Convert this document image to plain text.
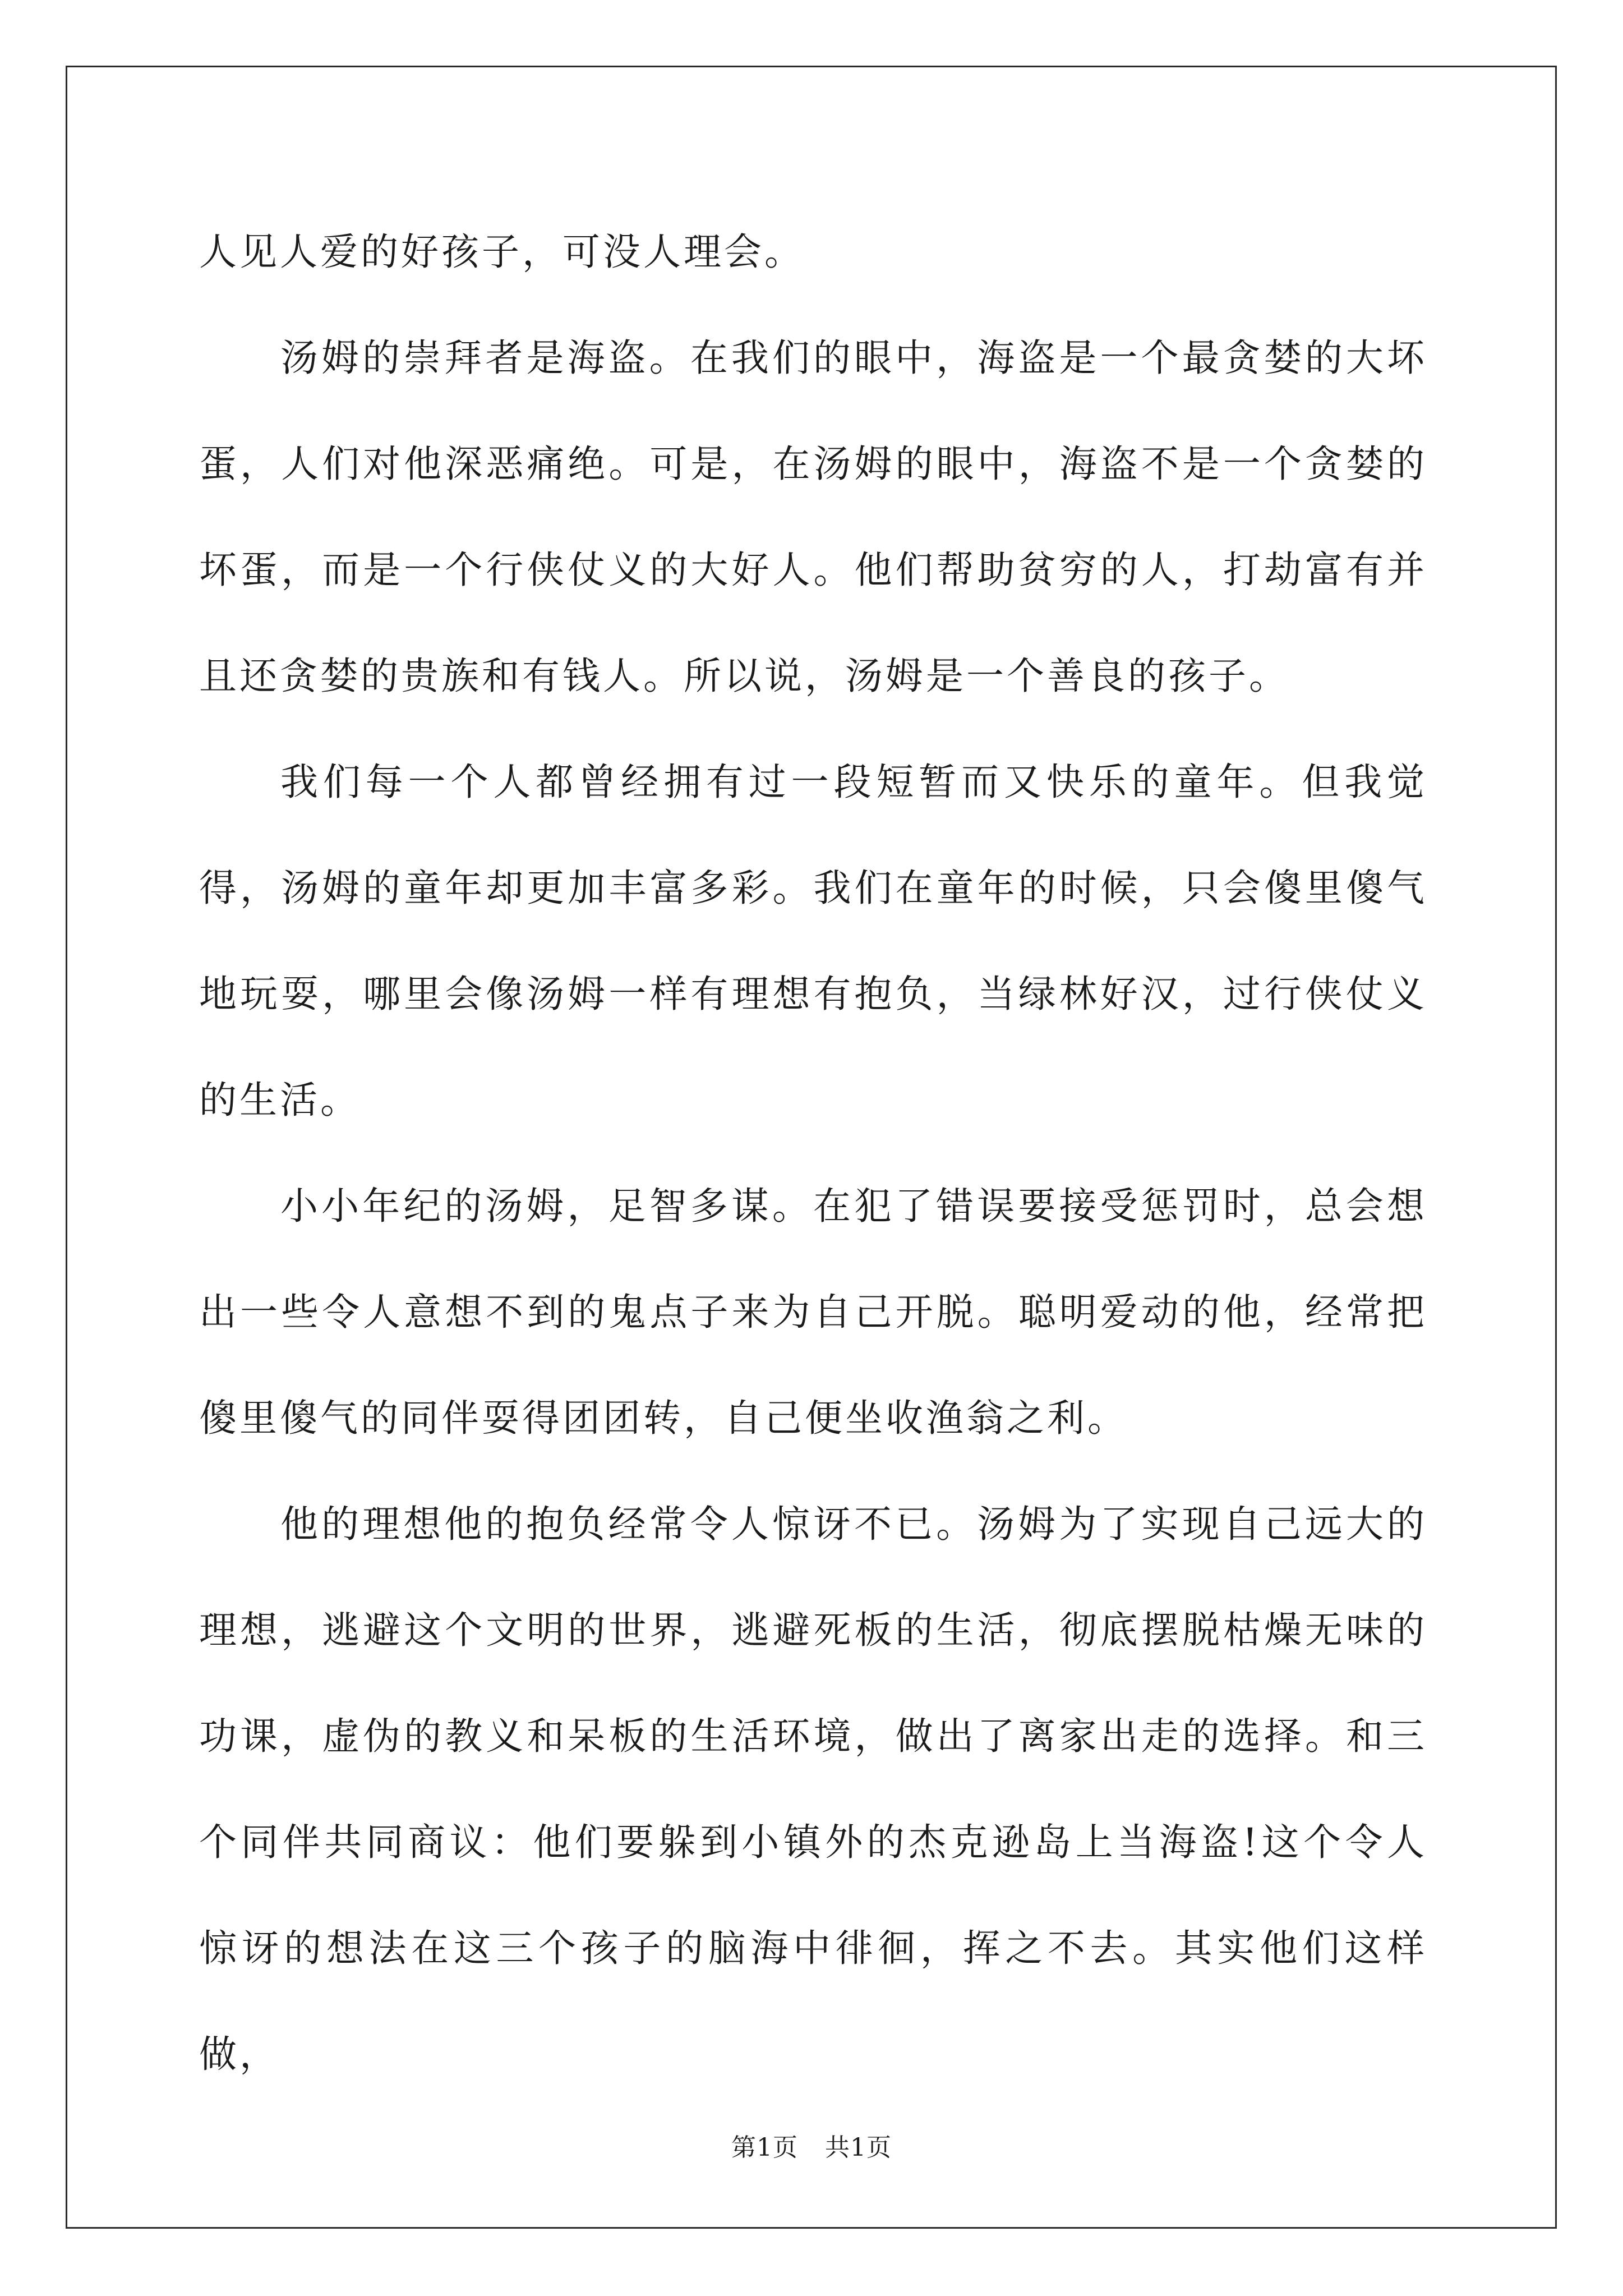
人见人爱的好孩子，可没人理会。

汤姆的崇拜者是海盗。在我们的眼中，海盗是一个最贪婪的大坏蛋，人们对他深恶痛绝。可是，在汤姆的眼中，海盗不是一个贪婪的坏蛋，而是一个行侠仗义的大好人。他们帮助贫穷的人，打劫富有并且还贪婪的贵族和有钱人。所以说，汤姆是一个善良的孩子。

我们每一个人都曾经拥有过一段短暂而又快乐的童年。但我觉得，汤姆的童年却更加丰富多彩。我们在童年的时候，只会傻里傻气地玩耍，哪里会像汤姆一样有理想有抱负，当绿林好汉，过行侠仗义的生活。

小小年纪的汤姆，足智多谋。在犯了错误要接受惩罚时，总会想出一些令人意想不到的鬼点子来为自己开脱。聪明爱动的他，经常把傻里傻气的同伴耍得团团转，自己便坐收渔翁之利。

他的理想他的抱负经常令人惊讶不已。汤姆为了实现自己远大的理想，逃避这个文明的世界，逃避死板的生活，彻底摆脱枯燥无味的功课，虚伪的教义和呆板的生活环境，做出了离家出走的选择。和三个同伴共同商议：他们要躲到小镇外的杰克逊岛上当海盗!这个令人惊讶的想法在这三个孩子的脑海中徘徊，挥之不去。其实他们这样做，

第1页 共1页
